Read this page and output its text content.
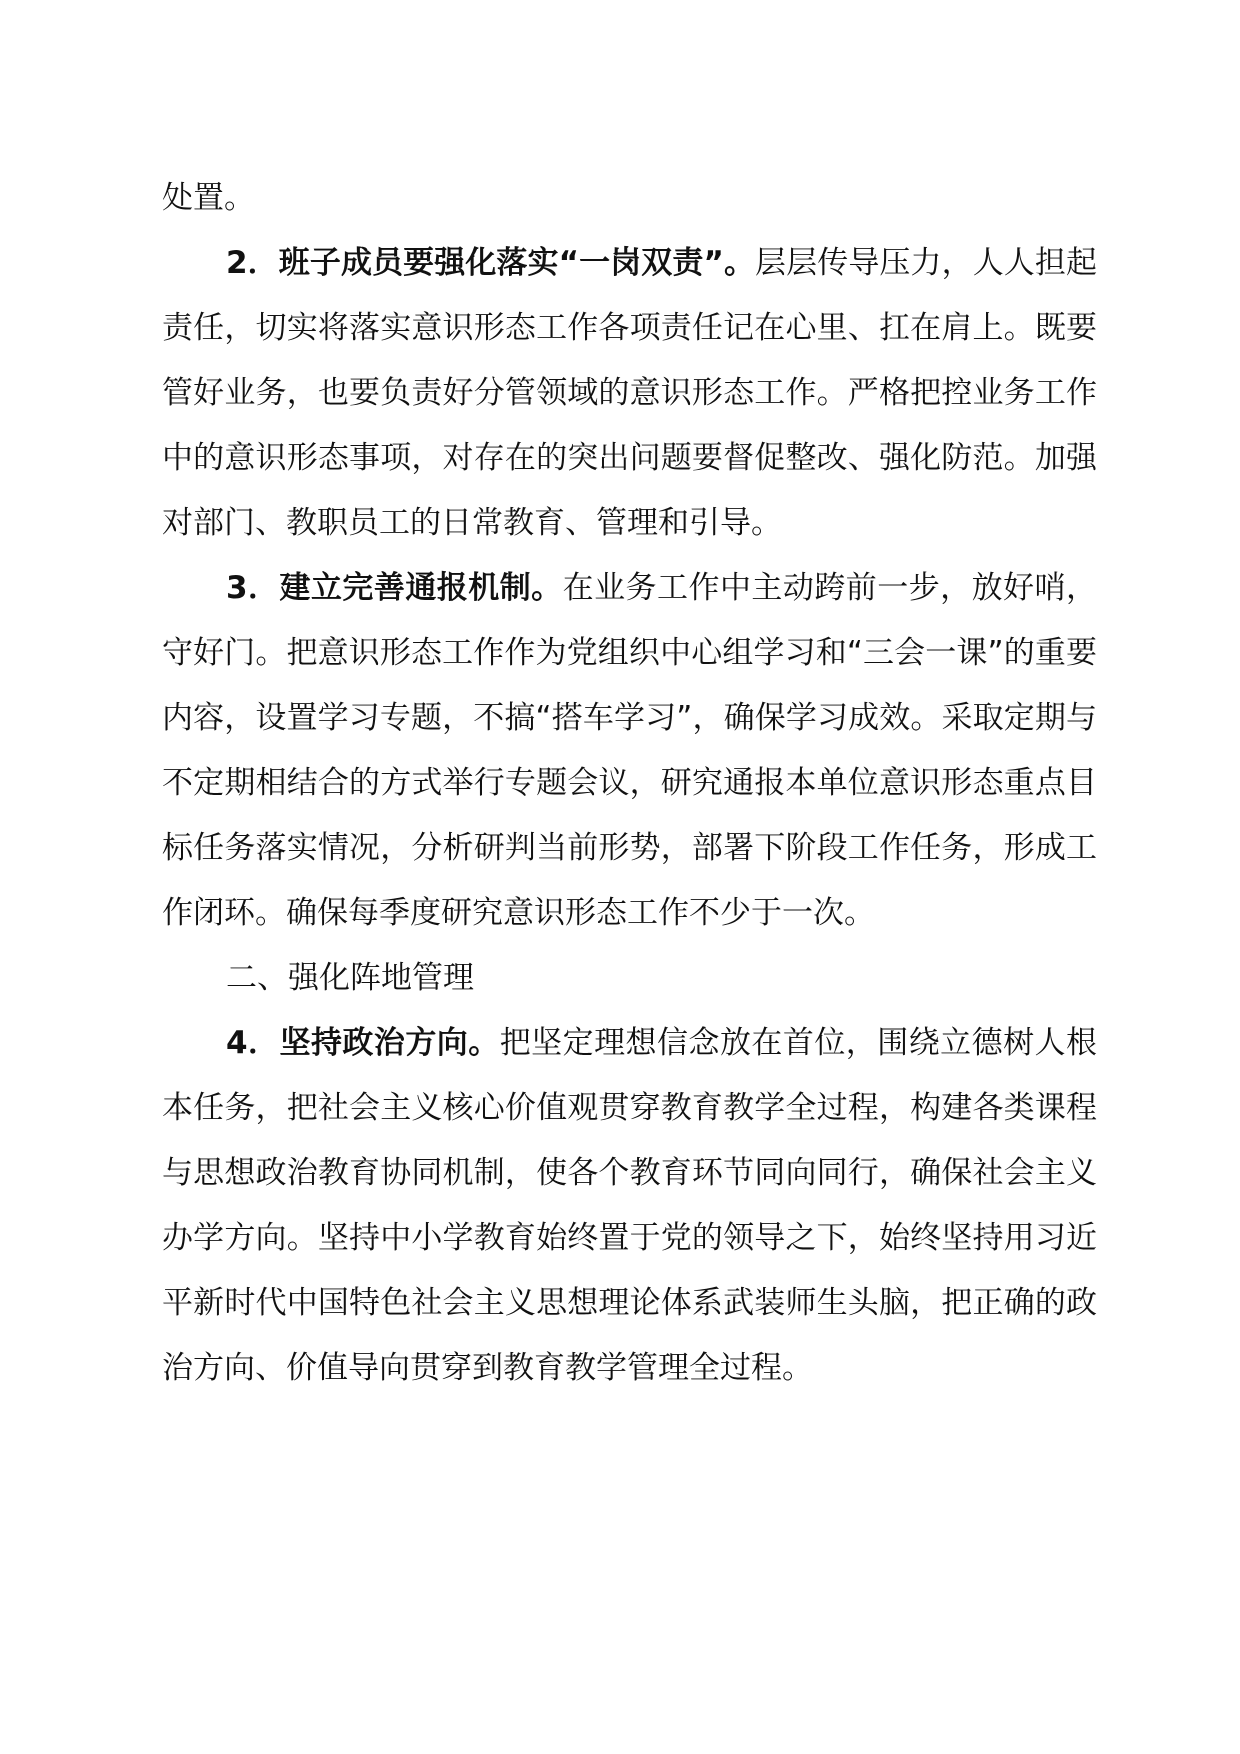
处置。

2．班子成员要强化落实“一岗双责”。层层传导压力，人人担起责任，切实将落实意识形态工作各项责任记在心里、扛在肩上。既要管好业务，也要负责好分管领域的意识形态工作。严格把控业务工作中的意识形态事项，对存在的突出问题要督促整改、强化防范。加强对部门、教职员工的日常教育、管理和引导。

3．建立完善通报机制。在业务工作中主动跨前一步，放好哨，守好门。把意识形态工作作为党组织中心组学习和“三会一课”的重要内容，设置学习专题，不搞“搭车学习”，确保学习成效。采取定期与不定期相结合的方式举行专题会议，研究通报本单位意识形态重点目标任务落实情况，分析研判当前形势，部署下阶段工作任务，形成工作闭环。确保每季度研究意识形态工作不少于一次。

二、强化阵地管理

4．坚持政治方向。把坚定理想信念放在首位，围绕立德树人根本任务，把社会主义核心价值观贯穿教育教学全过程，构建各类课程与思想政治教育协同机制，使各个教育环节同向同行，确保社会主义办学方向。坚持中小学教育始终置于党的领导之下，始终坚持用习近平新时代中国特色社会主义思想理论体系武装师生头脑，把正确的政治方向、价值导向贯穿到教育教学管理全过程。
